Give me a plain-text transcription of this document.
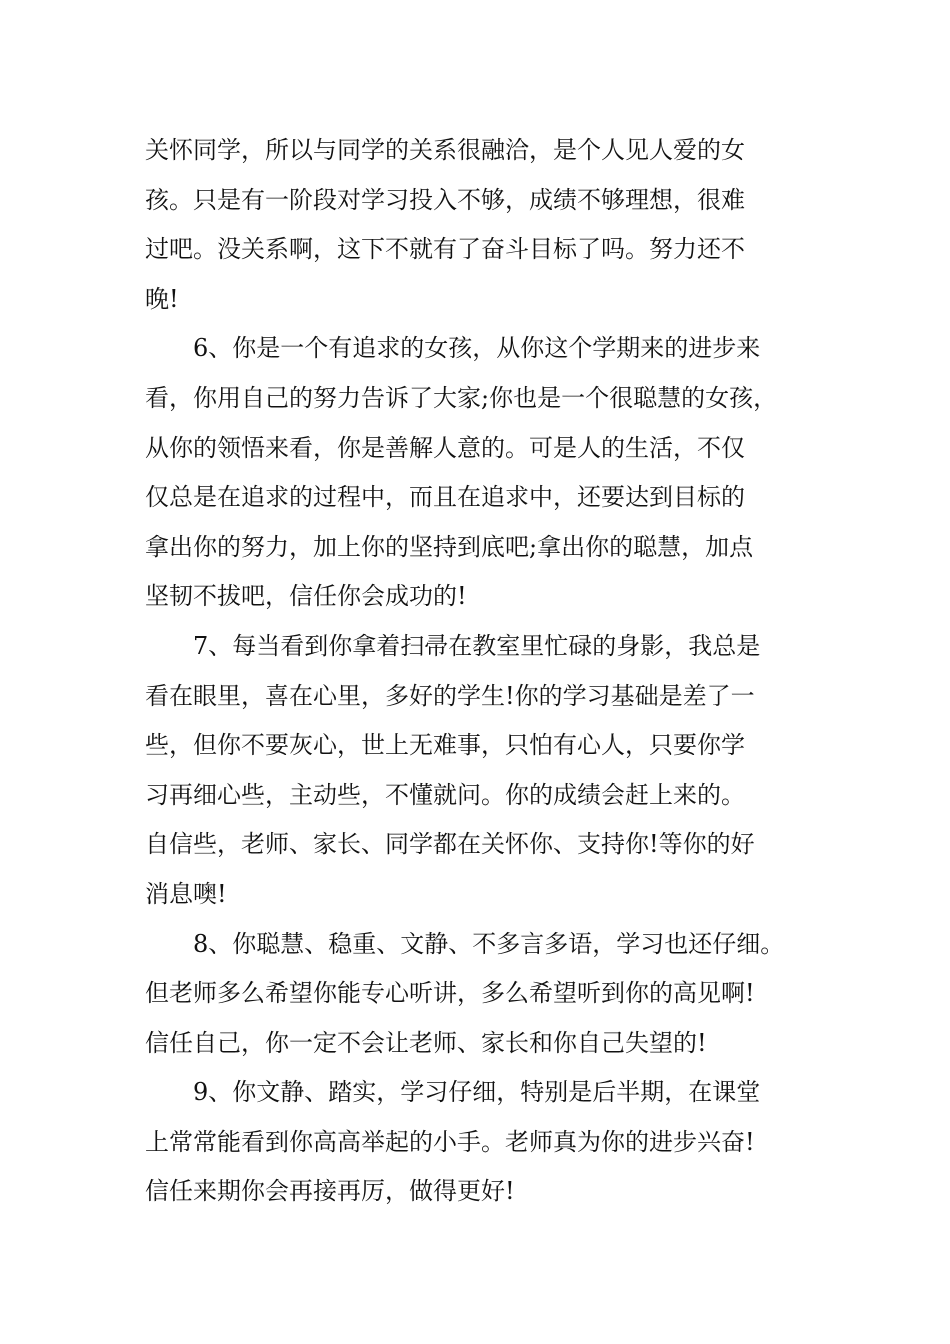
关怀同学，所以与同学的关系很融洽，是个人见人爱的女
孩。只是有一阶段对学习投入不够，成绩不够理想，很难
过吧。没关系啊，这下不就有了奋斗目标了吗。努力还不
晚!
6、你是一个有追求的女孩，从你这个学期来的进步来
看，你用自己的努力告诉了大家;你也是一个很聪慧的女孩，
从你的领悟来看，你是善解人意的。可是人的生活，不仅
仅总是在追求的过程中，而且在追求中，还要达到目标的
拿出你的努力，加上你的坚持到底吧;拿出你的聪慧，加点
坚韧不拔吧，信任你会成功的!
7、每当看到你拿着扫帚在教室里忙碌的身影，我总是
看在眼里，喜在心里，多好的学生!你的学习基础是差了一
些，但你不要灰心，世上无难事，只怕有心人，只要你学
习再细心些，主动些，不懂就问。你的成绩会赶上来的。
自信些，老师、家长、同学都在关怀你、支持你!等你的好
消息噢!
8、你聪慧、稳重、文静、不多言多语，学习也还仔细。
但老师多么希望你能专心听讲，多么希望听到你的高见啊!
信任自己，你一定不会让老师、家长和你自己失望的!
9、你文静、踏实，学习仔细，特别是后半期，在课堂
上常常能看到你高高举起的小手。老师真为你的进步兴奋!
信任来期你会再接再厉，做得更好!
